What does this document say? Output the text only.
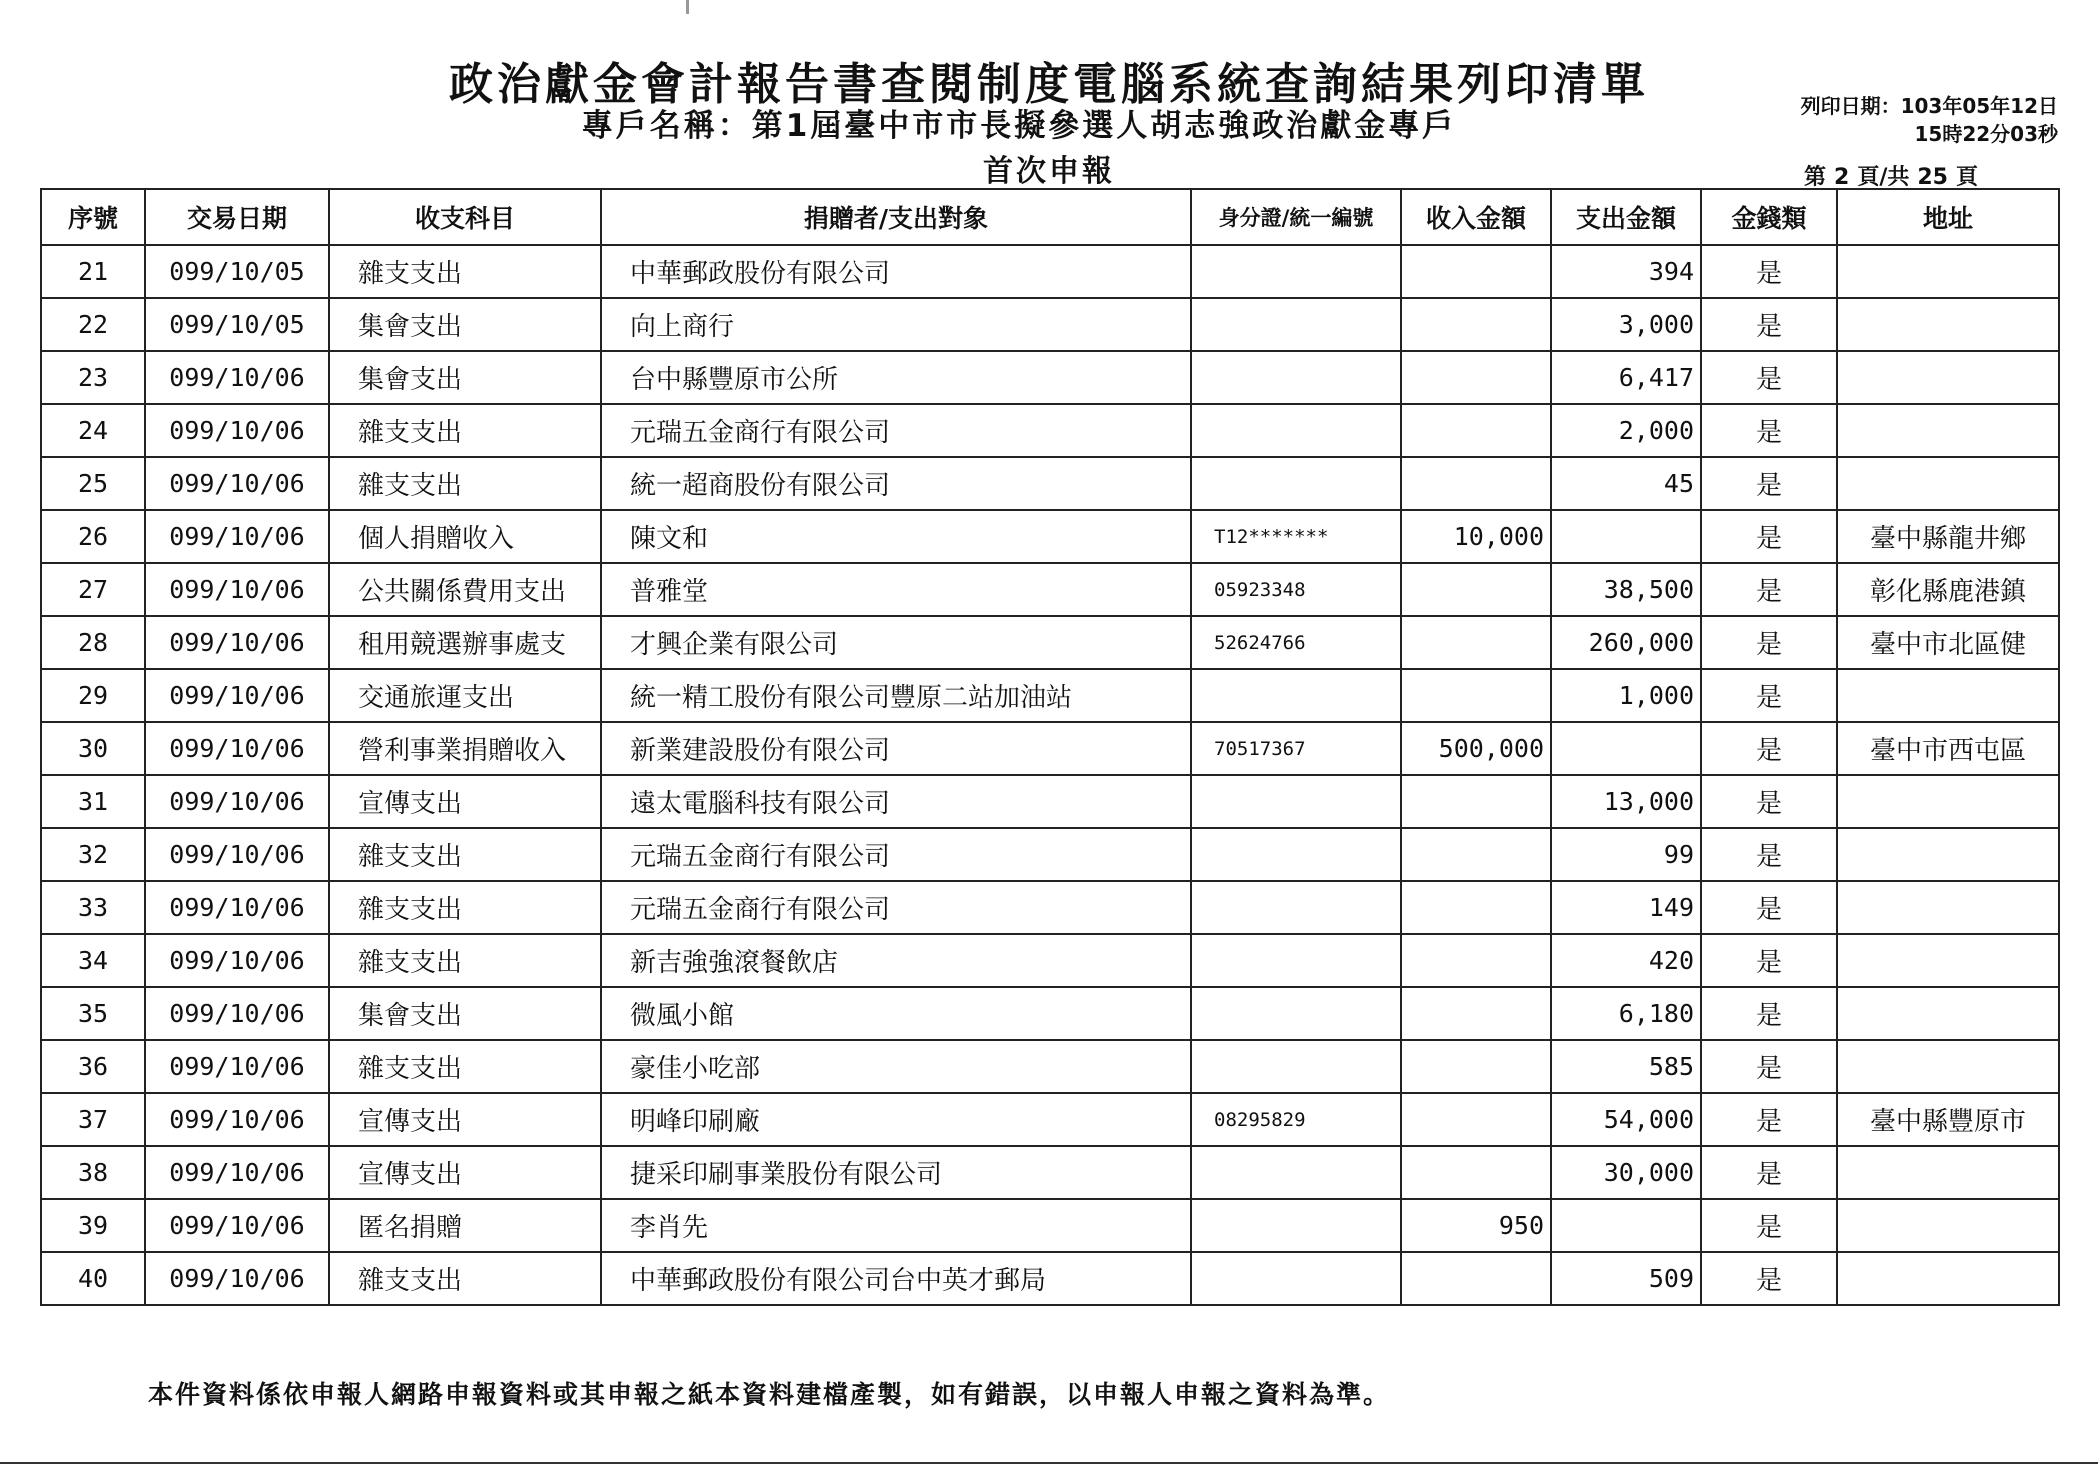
政治獻金會計報告書查閱制度電腦系統查詢結果列印清單
專戶名稱：第1屆臺中市市長擬參選人胡志強政治獻金專戶
首次申報
列印日期：103年05年12日
15時22分03秒
第 2 頁/共 25 頁
序號	交易日期	收支科目	捐贈者/支出對象	身分證/統一編號	收入金額	支出金額	金錢類	地址
21	099/10/05	雜支支出	中華郵政股份有限公司			394	是	
22	099/10/05	集會支出	向上商行			3,000	是	
23	099/10/06	集會支出	台中縣豐原市公所			6,417	是	
24	099/10/06	雜支支出	元瑞五金商行有限公司			2,000	是	
25	099/10/06	雜支支出	統一超商股份有限公司			45	是	
26	099/10/06	個人捐贈收入	陳文和	T12*******	10,000		是	臺中縣龍井鄉
27	099/10/06	公共關係費用支出	普雅堂	05923348		38,500	是	彰化縣鹿港鎮
28	099/10/06	租用競選辦事處支	才興企業有限公司	52624766		260,000	是	臺中市北區健
29	099/10/06	交通旅運支出	統一精工股份有限公司豐原二站加油站			1,000	是	
30	099/10/06	營利事業捐贈收入	新業建設股份有限公司	70517367	500,000		是	臺中市西屯區
31	099/10/06	宣傳支出	遠太電腦科技有限公司			13,000	是	
32	099/10/06	雜支支出	元瑞五金商行有限公司			99	是	
33	099/10/06	雜支支出	元瑞五金商行有限公司			149	是	
34	099/10/06	雜支支出	新吉強強滾餐飲店			420	是	
35	099/10/06	集會支出	微風小館			6,180	是	
36	099/10/06	雜支支出	豪佳小吃部			585	是	
37	099/10/06	宣傳支出	明峰印刷廠	08295829		54,000	是	臺中縣豐原市
38	099/10/06	宣傳支出	捷采印刷事業股份有限公司			30,000	是	
39	099/10/06	匿名捐贈	李肖先		950		是	
40	099/10/06	雜支支出	中華郵政股份有限公司台中英才郵局			509	是	
本件資料係依申報人網路申報資料或其申報之紙本資料建檔產製，如有錯誤，以申報人申報之資料為準。
